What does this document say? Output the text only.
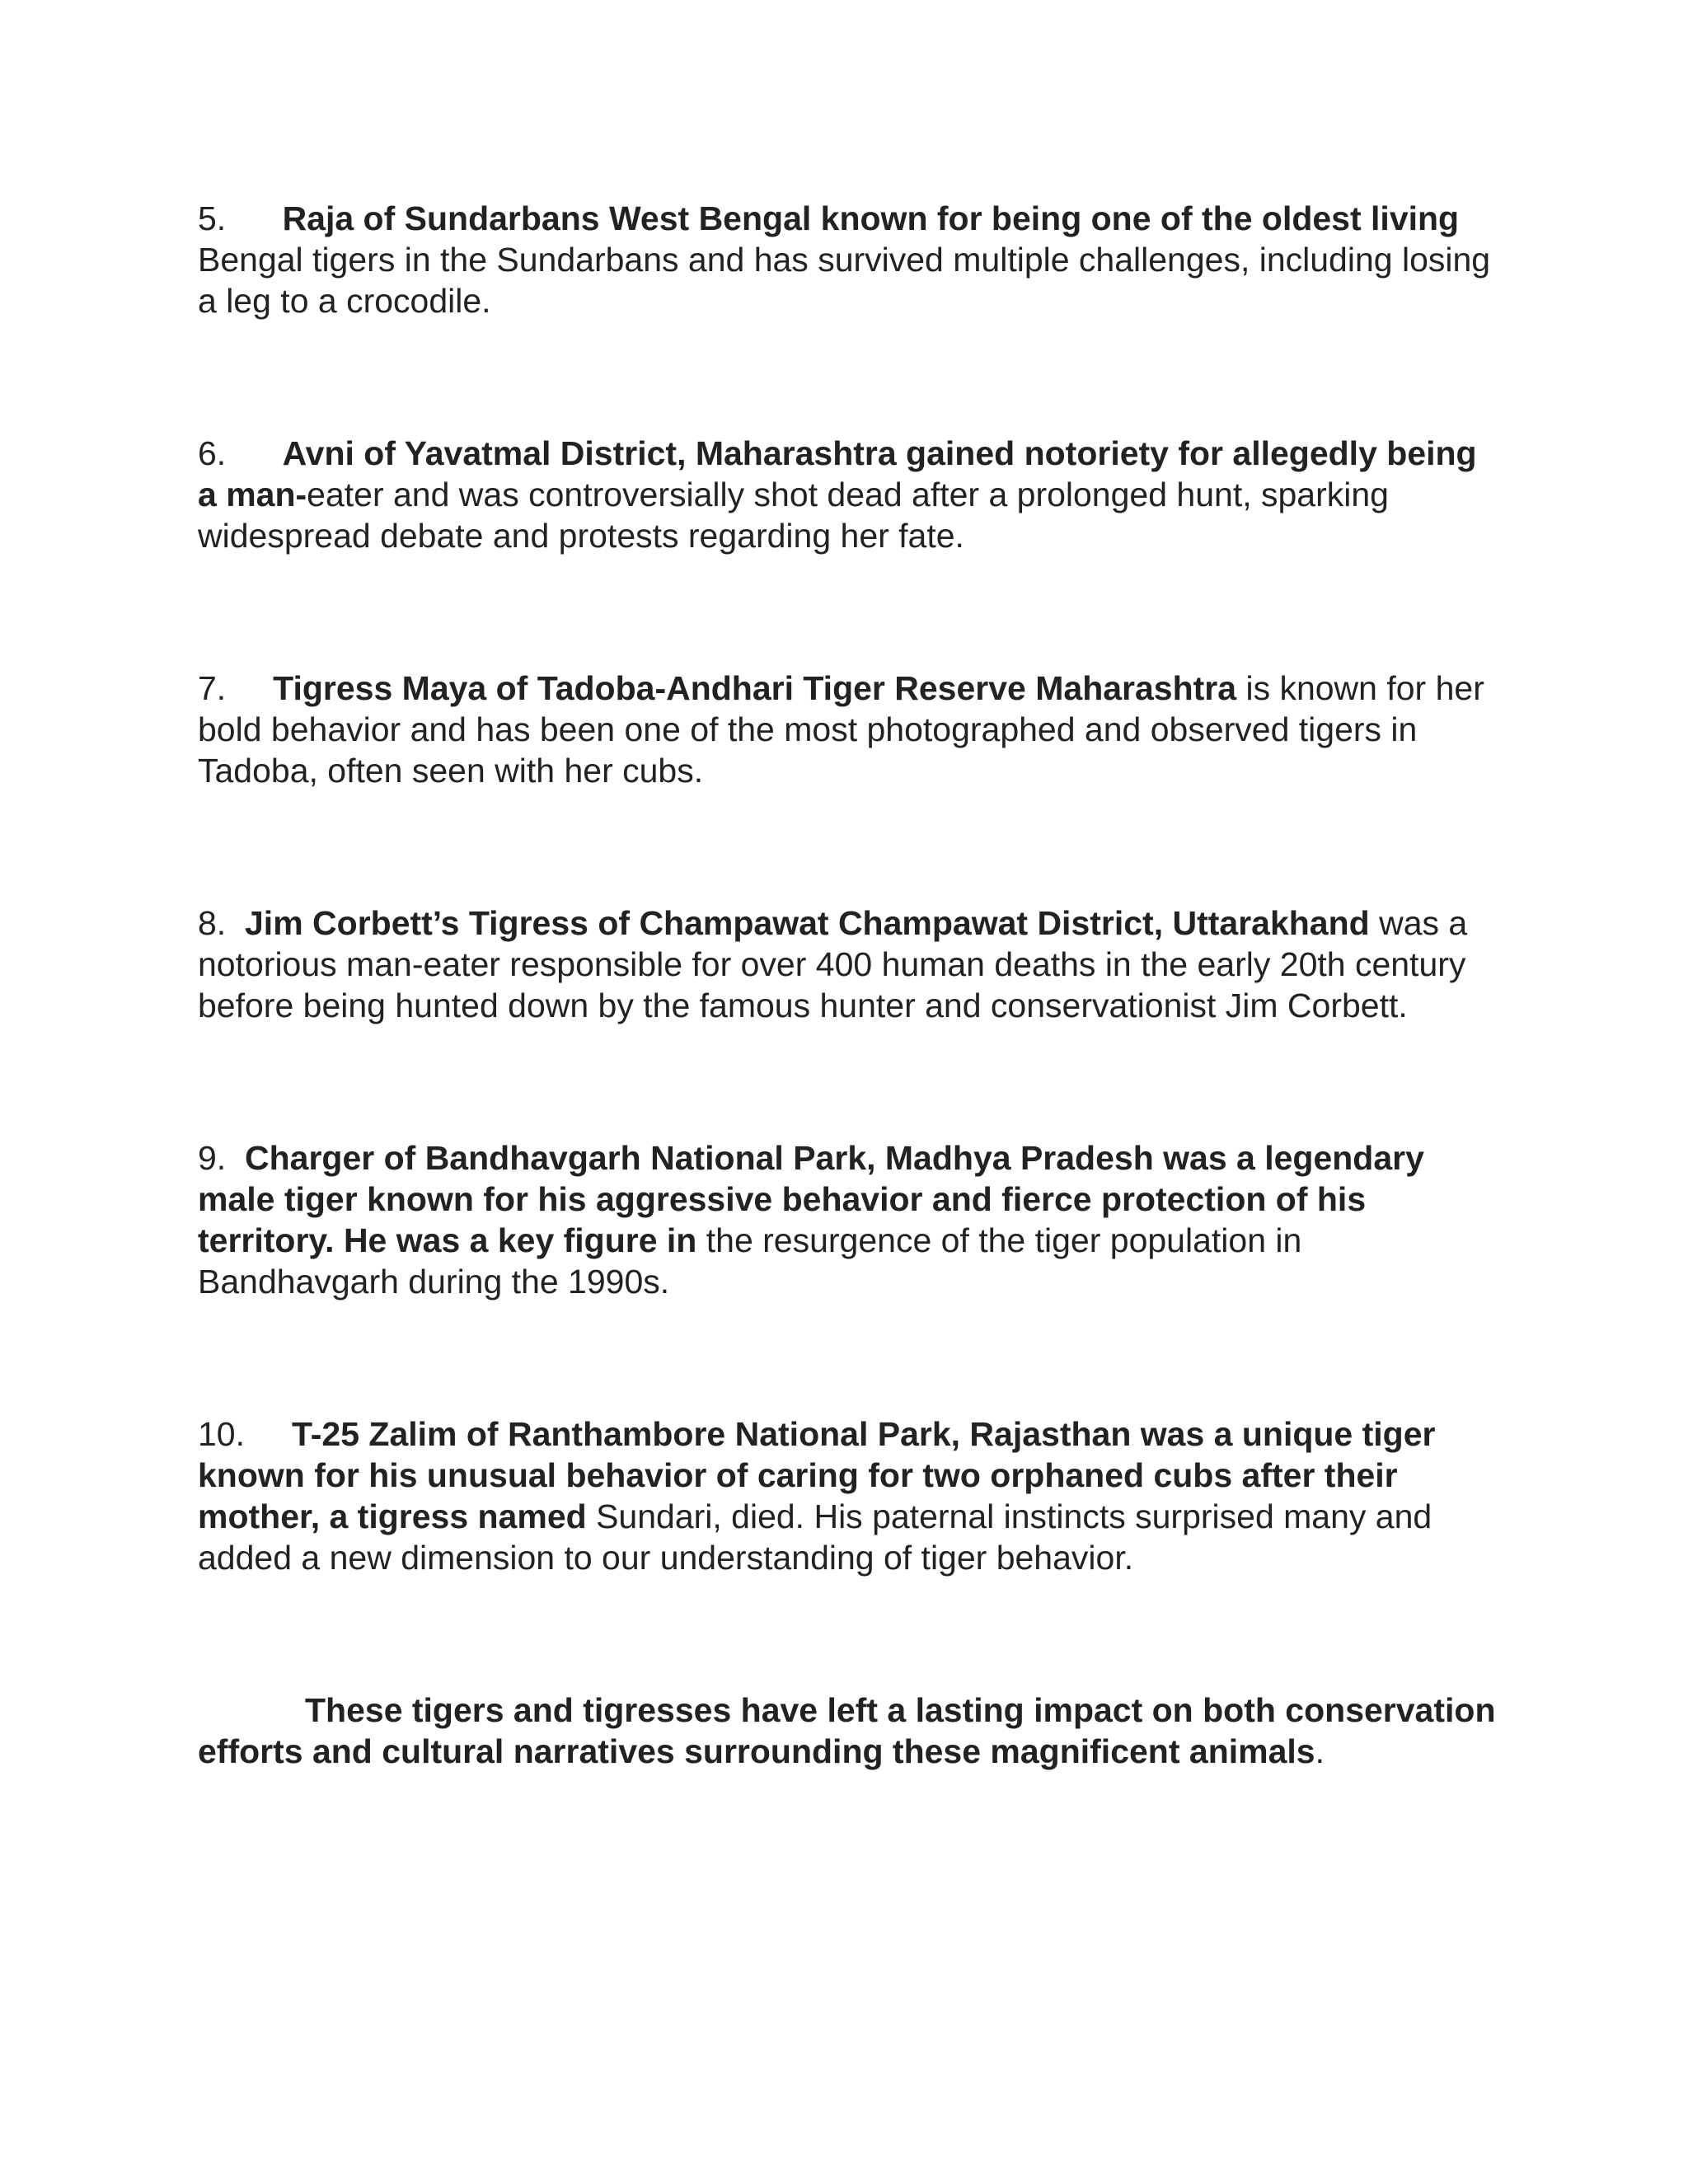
5. Raja of Sundarbans West Bengal known for being one of the oldest living Bengal tigers in the Sundarbans and has survived multiple challenges, including losing a leg to a crocodile.

6. Avni of Yavatmal District, Maharashtra gained notoriety for allegedly being a man-eater and was controversially shot dead after a prolonged hunt, sparking widespread debate and protests regarding her fate.

7. Tigress Maya of Tadoba-Andhari Tiger Reserve Maharashtra is known for her bold behavior and has been one of the most photographed and observed tigers in Tadoba, often seen with her cubs.

8. Jim Corbett’s Tigress of Champawat Champawat District, Uttarakhand was a notorious man-eater responsible for over 400 human deaths in the early 20th century before being hunted down by the famous hunter and conservationist Jim Corbett.

9. Charger of Bandhavgarh National Park, Madhya Pradesh was a legendary male tiger known for his aggressive behavior and fierce protection of his territory. He was a key figure in the resurgence of the tiger population in Bandhavgarh during the 1990s.

10. T-25 Zalim of Ranthambore National Park, Rajasthan was a unique tiger known for his unusual behavior of caring for two orphaned cubs after their mother, a tigress named Sundari, died. His paternal instincts surprised many and added a new dimension to our understanding of tiger behavior.

These tigers and tigresses have left a lasting impact on both conservation efforts and cultural narratives surrounding these magnificent animals.
